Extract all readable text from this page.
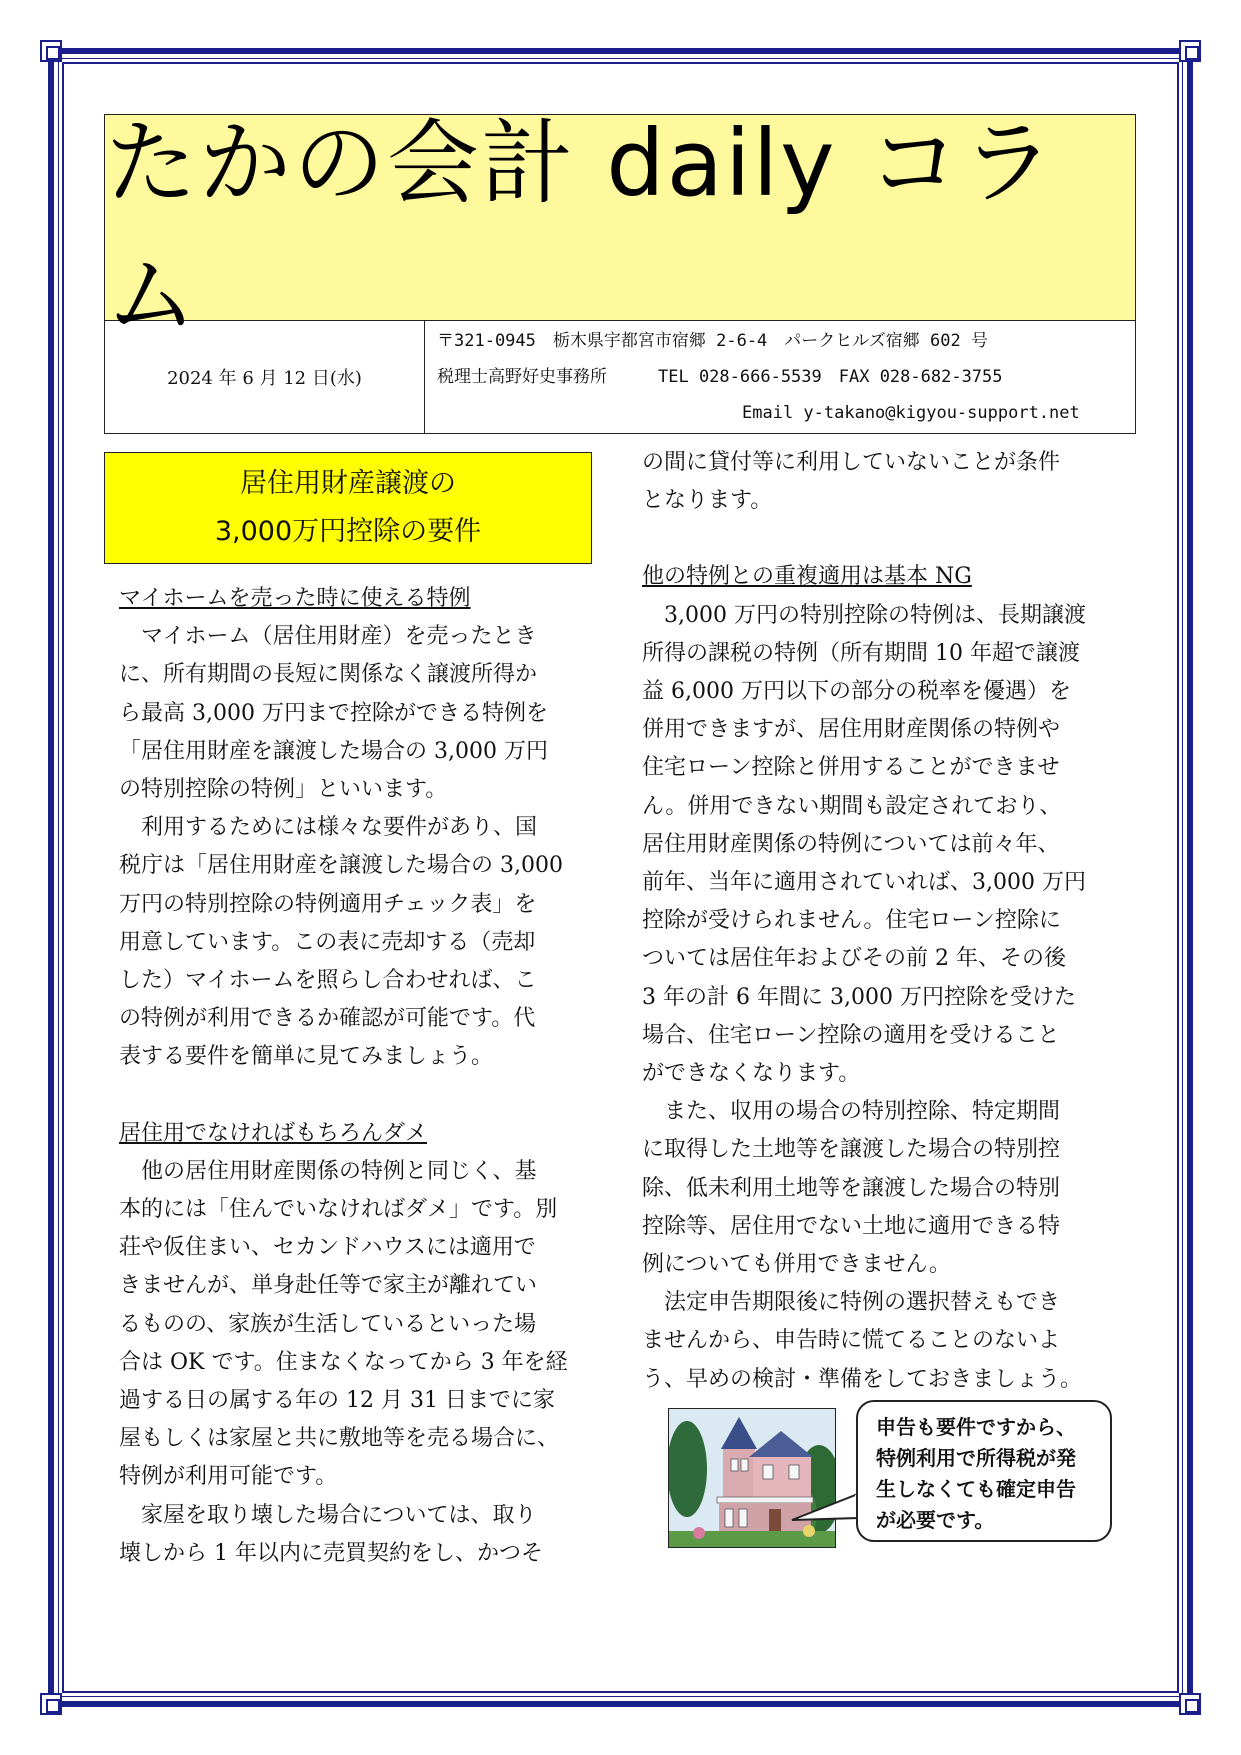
たかの会計 daily コラム
2024 年 6 月 12 日(水)
〒321-0945　栃木県宇都宮市宿郷 2-6-4　パークヒルズ宿郷 602 号
税理士高野好史事務所　　　TEL 028-666-5539　FAX 028-682-3755
Email y-takano@kigyou-support.net
居住用財産譲渡の
3,000万円控除の要件
マイホームを売った時に使える特例

マイホーム（居住用財産）を売ったとき

に、所有期間の長短に関係なく譲渡所得か

ら最高 3,000 万円まで控除ができる特例を

「居住用財産を譲渡した場合の 3,000 万円

の特別控除の特例」といいます。

利用するためには様々な要件があり、国

税庁は「居住用財産を譲渡した場合の 3,000

万円の特別控除の特例適用チェック表」を

用意しています。この表に売却する（売却

した）マイホームを照らし合わせれば、こ

の特例が利用できるか確認が可能です。代

表する要件を簡単に見てみましょう。

居住用でなければもちろんダメ

他の居住用財産関係の特例と同じく、基

本的には「住んでいなければダメ」です。別

荘や仮住まい、セカンドハウスには適用で

きませんが、単身赴任等で家主が離れてい

るものの、家族が生活しているといった場

合は OK です。住まなくなってから 3 年を経

過する日の属する年の 12 月 31 日までに家

屋もしくは家屋と共に敷地等を売る場合に、

特例が利用可能です。

家屋を取り壊した場合については、取り

壊しから 1 年以内に売買契約をし、かつそ

の間に貸付等に利用していないことが条件

となります。

他の特例との重複適用は基本 NG

3,000 万円の特別控除の特例は、長期譲渡

所得の課税の特例（所有期間 10 年超で譲渡

益 6,000 万円以下の部分の税率を優遇）を

併用できますが、居住用財産関係の特例や

住宅ローン控除と併用することができませ

ん。併用できない期間も設定されており、

居住用財産関係の特例については前々年、

前年、当年に適用されていれば、3,000 万円

控除が受けられません。住宅ローン控除に

ついては居住年およびその前 2 年、その後

3 年の計 6 年間に 3,000 万円控除を受けた

場合、住宅ローン控除の適用を受けること

ができなくなります。

また、収用の場合の特別控除、特定期間

に取得した土地等を譲渡した場合の特別控

除、低未利用土地等を譲渡した場合の特別

控除等、居住用でない土地に適用できる特

例についても併用できません。

法定申告期限後に特例の選択替えもでき

ませんから、申告時に慌てることのないよ

う、早めの検討・準備をしておきましょう。

申告も要件ですから、
特例利用で所得税が発
生しなくても確定申告
が必要です。
